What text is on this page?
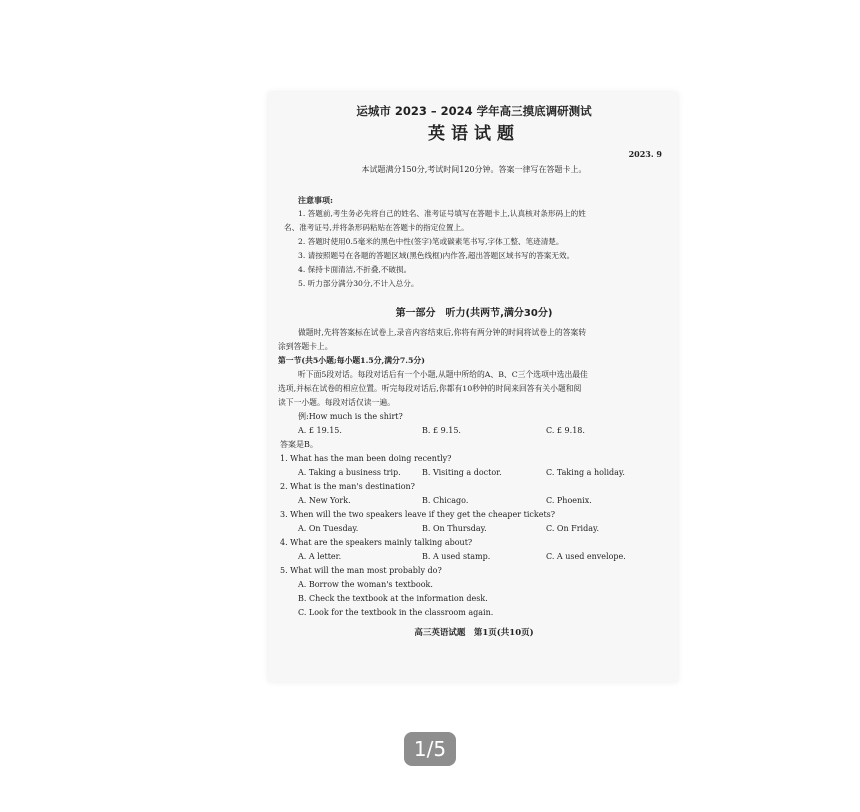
运城市 2023 – 2024 学年高三摸底调研测试
英语试题
2023. 9
本试题满分150分,考试时间120分钟。答案一律写在答题卡上。
注意事项:
1. 答题前,考生务必先将自己的姓名、准考证号填写在答题卡上,认真核对条形码上的姓
名、准考证号,并将条形码粘贴在答题卡的指定位置上。
2. 答题时使用0.5毫米的黑色中性(签字)笔或碳素笔书写,字体工整、笔迹清楚。
3. 请按照题号在各题的答题区域(黑色线框)内作答,超出答题区域书写的答案无效。
4. 保持卡面清洁,不折叠,不破损。
5. 听力部分满分30分,不计入总分。
第一部分　听力(共两节,满分30分)
做题时,先将答案标在试卷上,录音内容结束后,你将有两分钟的时间将试卷上的答案转
涂到答题卡上。
第一节(共5小题;每小题1.5分,满分7.5分)
听下面5段对话。每段对话后有一个小题,从题中所给的A、B、C三个选项中选出最佳
选项,并标在试卷的相应位置。听完每段对话后,你都有10秒钟的时间来回答有关小题和阅
读下一小题。每段对话仅读一遍。
例:How much is the shirt?
A. £ 19.15.	B. £ 9.15.	C. £ 9.18.
答案是B。
1. What has the man been doing recently?
A. Taking a business trip.	B. Visiting a doctor.	C. Taking a holiday.
2. What is the man's destination?
A. New York.	B. Chicago.	C. Phoenix.
3. When will the two speakers leave if they get the cheaper tickets?
A. On Tuesday.	B. On Thursday.	C. On Friday.
4. What are the speakers mainly talking about?
A. A letter.	B. A used stamp.	C. A used envelope.
5. What will the man most probably do?
A. Borrow the woman's textbook.
B. Check the textbook at the information desk.
C. Look for the textbook in the classroom again.
高三英语试题　第1页(共10页)
1/5
